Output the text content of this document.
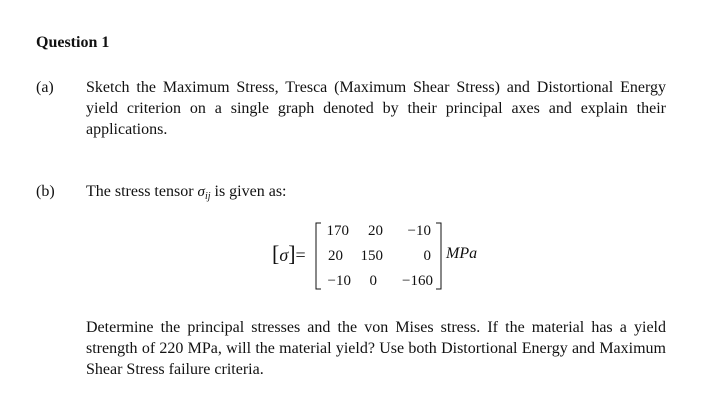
Question 1
(a) Sketch the Maximum Stress, Tresca (Maximum Shear Stress) and Distortional Energy yield criterion on a single graph denoted by their principal axes and explain their applications.
(b) The stress tensor $\sigma_{ij}$ is given as:
[σ]=
170	20	−10
20	150	0
−10	0	−160
MPa
Determine the principal stresses and the von Mises stress. If the material has a yield strength of 220 MPa, will the material yield? Use both Distortional Energy and Maximum Shear Stress failure criteria.
